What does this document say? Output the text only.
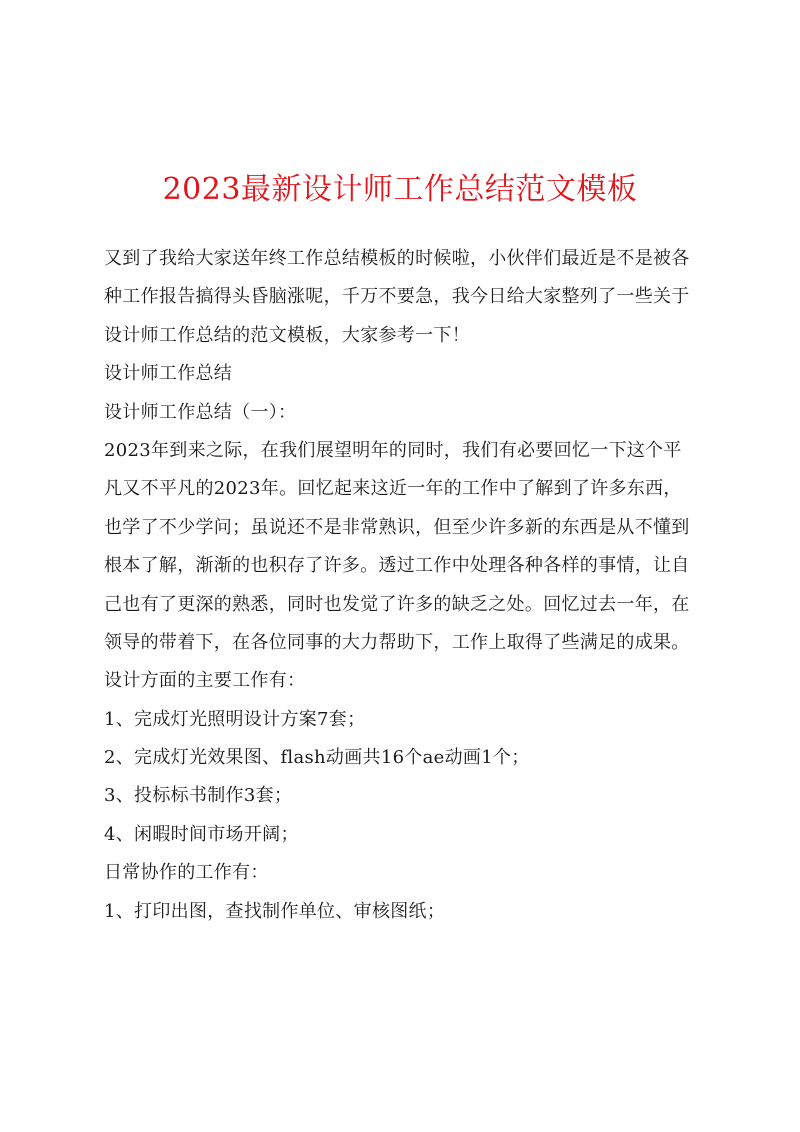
2023最新设计师工作总结范文模板
又到了我给大家送年终工作总结模板的时候啦，小伙伴们最近是不是被各
种工作报告搞得头昏脑涨呢，千万不要急，我今日给大家整列了一些关于
设计师工作总结的范文模板，大家参考一下！
设计师工作总结
设计师工作总结（一）：
2023年到来之际，在我们展望明年的同时，我们有必要回忆一下这个平
凡又不平凡的2023年。回忆起来这近一年的工作中了解到了许多东西，
也学了不少学问；虽说还不是非常熟识，但至少许多新的东西是从不懂到
根本了解，渐渐的也积存了许多。透过工作中处理各种各样的事情，让自
己也有了更深的熟悉，同时也发觉了许多的缺乏之处。回忆过去一年，在
领导的带着下，在各位同事的大力帮助下，工作上取得了些满足的成果。
设计方面的主要工作有：
1、完成灯光照明设计方案7套；
2、完成灯光效果图、flash动画共16个ae动画1个；
3、投标标书制作3套；
4、闲暇时间市场开阔；
日常协作的工作有：
1、打印出图，查找制作单位、审核图纸；
